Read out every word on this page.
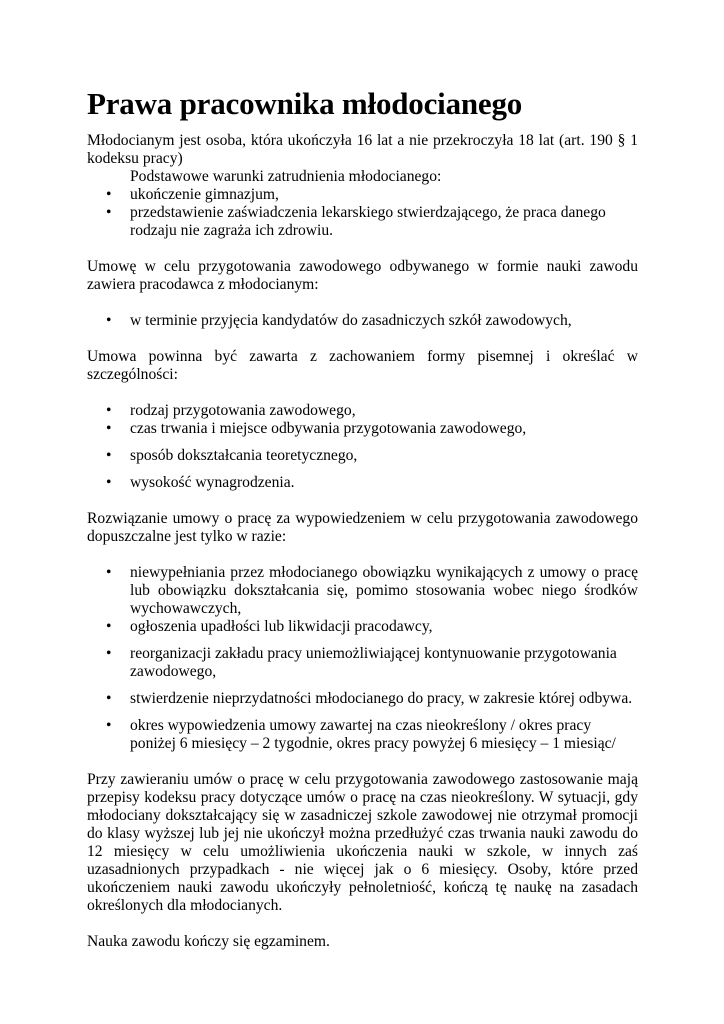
Prawa pracownika młodocianego

Młodocianym jest osoba, która ukończyła 16 lat a nie przekroczyła 18 lat (art. 190 § 1 kodeksu pracy)

Podstawowe warunki zatrudnienia młodocianego:

• ukończenie gimnazjum,
• przedstawienie zaświadczenia lekarskiego stwierdzającego, że praca danego rodzaju nie zagraża ich zdrowiu.

Umowę w celu przygotowania zawodowego odbywanego w formie nauki zawodu zawiera pracodawca z młodocianym:

• w terminie przyjęcia kandydatów do zasadniczych szkół zawodowych,

Umowa powinna być zawarta z zachowaniem formy pisemnej i określać w szczególności:

• rodzaj przygotowania zawodowego,
• czas trwania i miejsce odbywania przygotowania zawodowego,
• sposób dokształcania teoretycznego,
• wysokość wynagrodzenia.

Rozwiązanie umowy o pracę za wypowiedzeniem w celu przygotowania zawodowego dopuszczalne jest tylko w razie:

• niewypełniania przez młodocianego obowiązku wynikających z umowy o pracę lub obowiązku dokształcania się, pomimo stosowania wobec niego środków wychowawczych,
• ogłoszenia upadłości lub likwidacji pracodawcy,
• reorganizacji zakładu pracy uniemożliwiającej kontynuowanie przygotowania zawodowego,
• stwierdzenie nieprzydatności młodocianego do pracy, w zakresie której odbywa.
• okres wypowiedzenia umowy zawartej na czas nieokreślony / okres pracy poniżej 6 miesięcy – 2 tygodnie, okres pracy powyżej 6 miesięcy – 1 miesiąc/

Przy zawieraniu umów o pracę w celu przygotowania zawodowego zastosowanie mają przepisy kodeksu pracy dotyczące umów o pracę na czas nieokreślony. W sytuacji, gdy młodociany dokształcający się w zasadniczej szkole zawodowej nie otrzymał promocji do klasy wyższej lub jej nie ukończył można przedłużyć czas trwania nauki zawodu do 12 miesięcy w celu umożliwienia ukończenia nauki w szkole, w innych zaś uzasadnionych przypadkach - nie więcej jak o 6 miesięcy. Osoby, które przed ukończeniem nauki zawodu ukończyły pełnoletniość, kończą tę naukę na zasadach określonych dla młodocianych.

Nauka zawodu kończy się egzaminem.
